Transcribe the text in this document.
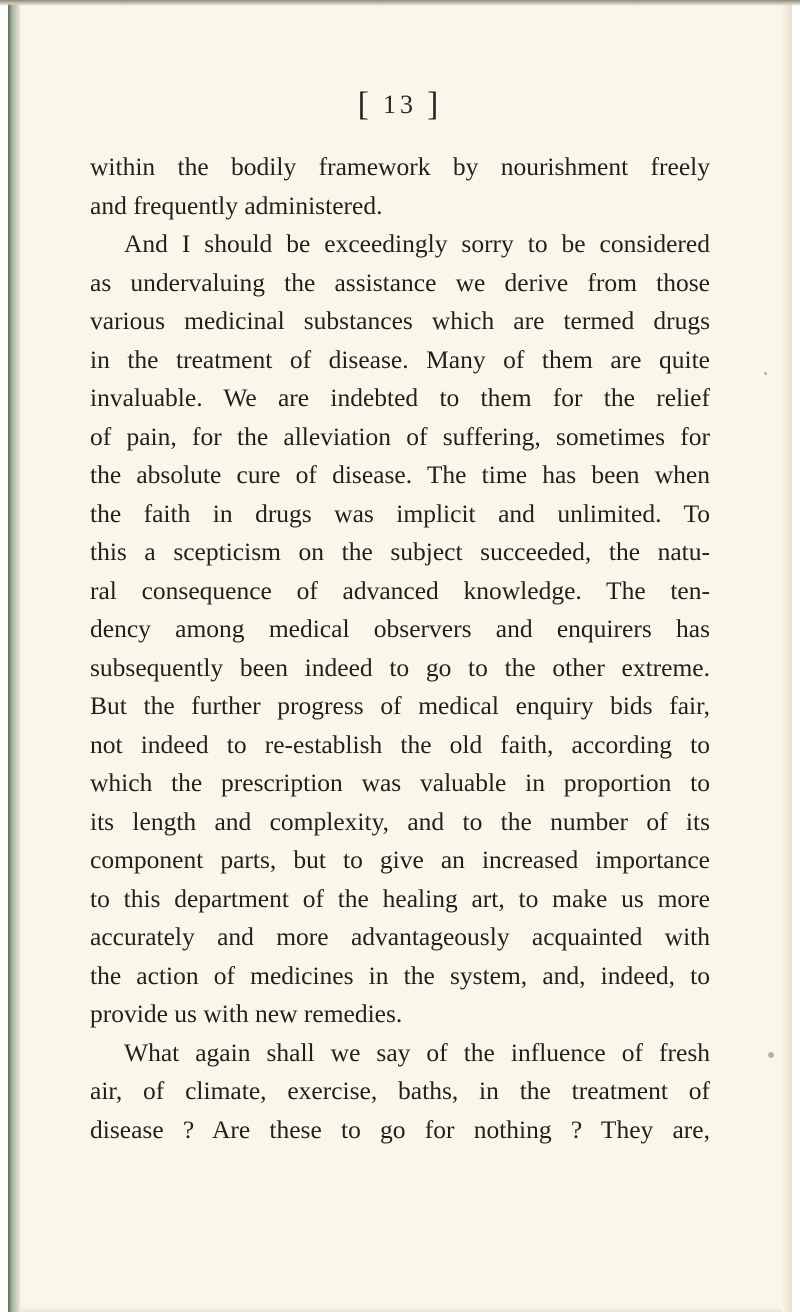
[ 13 ]
within the bodily framework by nourishment freely
and frequently administered.
And I should be exceedingly sorry to be considered
as undervaluing the assistance we derive from those
various medicinal substances which are termed drugs
in the treatment of disease. Many of them are quite
invaluable. We are indebted to them for the relief
of pain, for the alleviation of suffering, sometimes for
the absolute cure of disease. The time has been when
the faith in drugs was implicit and unlimited. To
this a scepticism on the subject succeeded, the natu-
ral consequence of advanced knowledge. The ten-
dency among medical observers and enquirers has
subsequently been indeed to go to the other extreme.
But the further progress of medical enquiry bids fair,
not indeed to re-establish the old faith, according to
which the prescription was valuable in proportion to
its length and complexity, and to the number of its
component parts, but to give an increased importance
to this department of the healing art, to make us more
accurately and more advantageously acquainted with
the action of medicines in the system, and, indeed, to
provide us with new remedies.
What again shall we say of the influence of fresh
air, of climate, exercise, baths, in the treatment of
disease ? Are these to go for nothing ? They are,
